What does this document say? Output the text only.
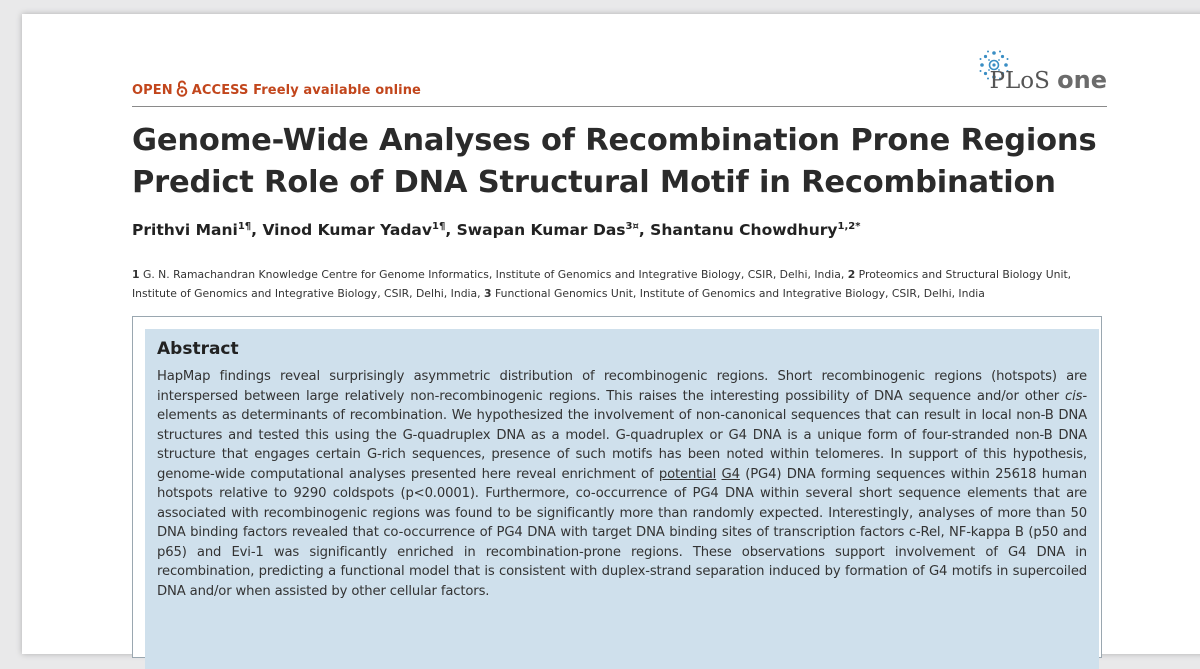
OPEN ACCESS Freely available online	PLoS one
Genome-Wide Analyses of Recombination Prone Regions Predict Role of DNA Structural Motif in Recombination
Prithvi Mani$^{1\P}$, Vinod Kumar Yadav$^{1\P}$, Swapan Kumar Das$^{3¤}$, Shantanu Chowdhury$^{1,2*}$
1 G. N. Ramachandran Knowledge Centre for Genome Informatics, Institute of Genomics and Integrative Biology, CSIR, Delhi, India, 2 Proteomics and Structural Biology Unit, Institute of Genomics and Integrative Biology, CSIR, Delhi, India, 3 Functional Genomics Unit, Institute of Genomics and Integrative Biology, CSIR, Delhi, India
Abstract
HapMap findings reveal surprisingly asymmetric distribution of recombinogenic regions. Short recombinogenic regions (hotspots) are interspersed between large relatively non-recombinogenic regions. This raises the interesting possibility of DNA sequence and/or other cis- elements as determinants of recombination. We hypothesized the involvement of non-canonical sequences that can result in local non-B DNA structures and tested this using the G-quadruplex DNA as a model. G-quadruplex or G4 DNA is a unique form of four-stranded non-B DNA structure that engages certain G-rich sequences, presence of such motifs has been noted within telomeres. In support of this hypothesis, genome-wide computational analyses presented here reveal enrichment of potential G4 (PG4) DNA forming sequences within 25618 human hotspots relative to 9290 coldspots (p<0.0001). Furthermore, co-occurrence of PG4 DNA within several short sequence elements that are associated with recombinogenic regions was found to be significantly more than randomly expected. Interestingly, analyses of more than 50 DNA binding factors revealed that co-occurrence of PG4 DNA with target DNA binding sites of transcription factors c-Rel, NF-kappa B (p50 and p65) and Evi-1 was significantly enriched in recombination-prone regions. These observations support involvement of G4 DNA in recombination, predicting a functional model that is consistent with duplex-strand separation induced by formation of G4 motifs in supercoiled DNA and/or when assisted by other cellular factors.
